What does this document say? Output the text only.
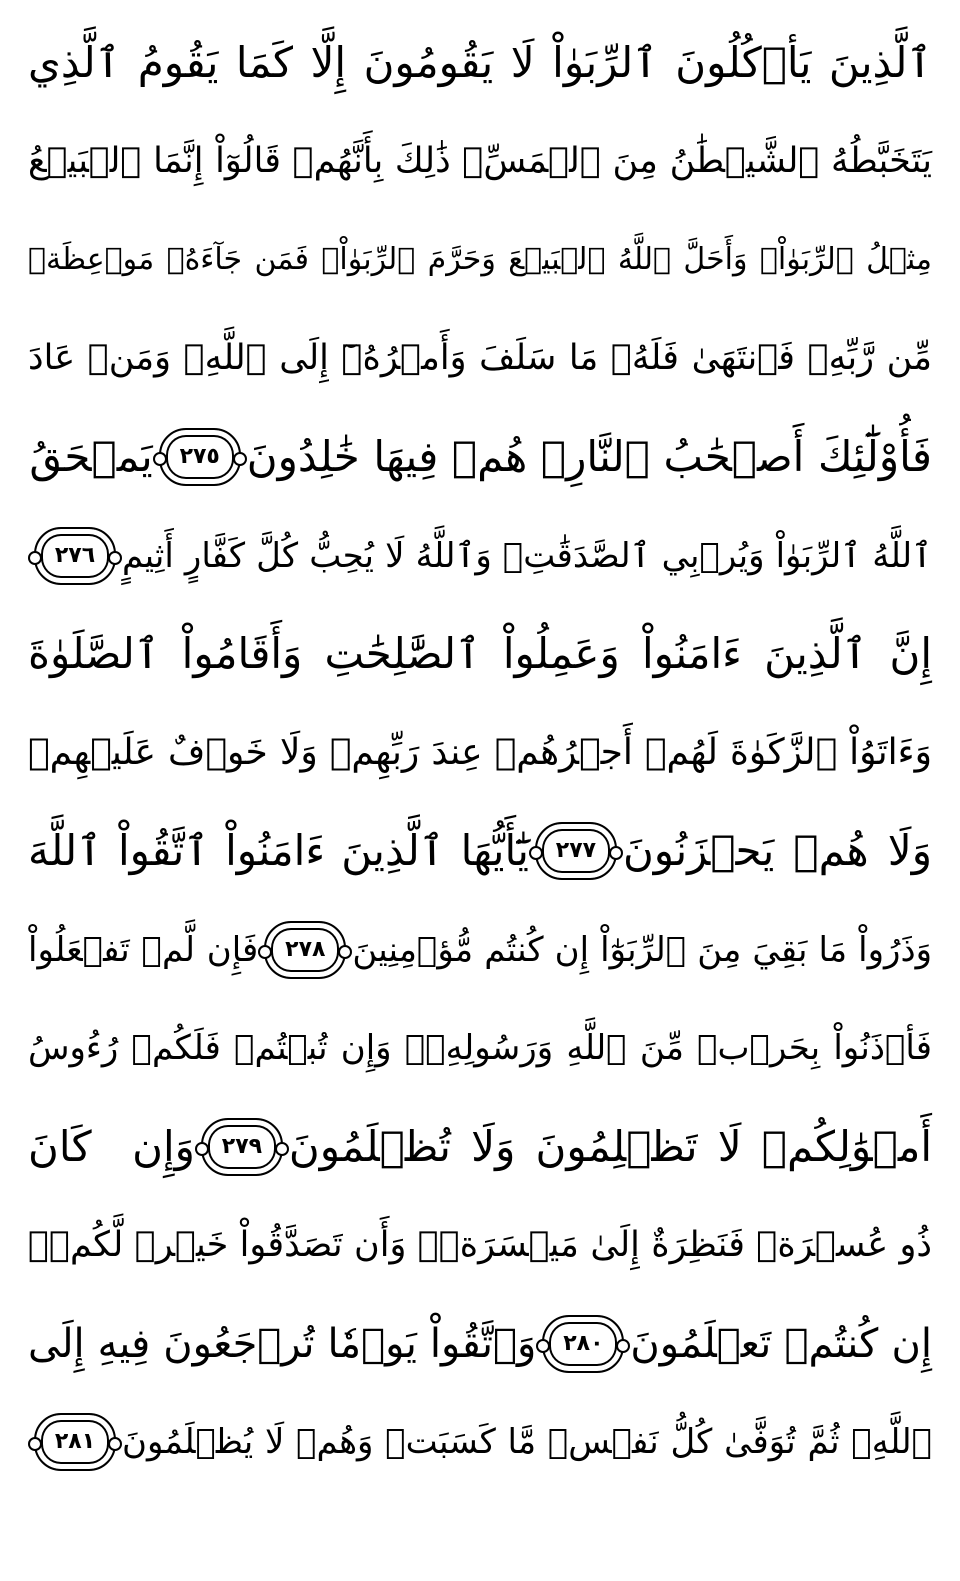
ٱلَّذِينَ يَأۡكُلُونَ ٱلرِّبَوٰاْ لَا يَقُومُونَ إِلَّا كَمَا يَقُومُ ٱلَّذِي
يَتَخَبَّطُهُ ٱلشَّيۡطَٰنُ مِنَ ٱلۡمَسِّۚ ذَٰلِكَ بِأَنَّهُمۡ قَالُوٓاْ إِنَّمَا ٱلۡبَيۡعُ
مِثۡلُ ٱلرِّبَوٰاْۗ وَأَحَلَّ ٱللَّهُ ٱلۡبَيۡعَ وَحَرَّمَ ٱلرِّبَوٰاْۚ فَمَن جَآءَهُۥ مَوۡعِظَةٞ
مِّن رَّبِّهِۦ فَٱنتَهَىٰ فَلَهُۥ مَا سَلَفَ وَأَمۡرُهُۥٓ إِلَى ٱللَّهِۖ وَمَنۡ عَادَ
فَأُوْلَٰٓئِكَ أَصۡحَٰبُ ٱلنَّارِۖ هُمۡ فِيهَا خَٰلِدُونَ
٢٧٥
يَمۡحَقُ
ٱللَّهُ ٱلرِّبَوٰاْ وَيُرۡبِي ٱلصَّدَقَٰتِۗ وَٱللَّهُ لَا يُحِبُّ كُلَّ كَفَّارٍ أَثِيمٍ
٢٧٦
إِنَّ ٱلَّذِينَ ءَامَنُواْ وَعَمِلُواْ ٱلصَّٰلِحَٰتِ وَأَقَامُواْ ٱلصَّلَوٰةَ
وَءَاتَوُاْ ٱلزَّكَوٰةَ لَهُمۡ أَجۡرُهُمۡ عِندَ رَبِّهِمۡ وَلَا خَوۡفٌ عَلَيۡهِمۡ
وَلَا هُمۡ يَحۡزَنُونَ
٢٧٧
يَٰٓأَيُّهَا ٱلَّذِينَ ءَامَنُواْ ٱتَّقُواْ ٱللَّهَ
وَذَرُواْ مَا بَقِيَ مِنَ ٱلرِّبَوٰٓاْ إِن كُنتُم مُّؤۡمِنِينَ
٢٧٨
فَإِن لَّمۡ تَفۡعَلُواْ
فَأۡذَنُواْ بِحَرۡبٖ مِّنَ ٱللَّهِ وَرَسُولِهِۦۖ وَإِن تُبۡتُمۡ فَلَكُمۡ رُءُوسُ
أَمۡوَٰلِكُمۡ لَا تَظۡلِمُونَ وَلَا تُظۡلَمُونَ
٢٧٩
وَإِن كَانَ
ذُو عُسۡرَةٖ فَنَظِرَةٌ إِلَىٰ مَيۡسَرَةٖۚ وَأَن تَصَدَّقُواْ خَيۡرٞ لَّكُمۡۖ
إِن كُنتُمۡ تَعۡلَمُونَ
٢٨٠
وَٱتَّقُواْ يَوۡمٗا تُرۡجَعُونَ فِيهِ إِلَى
ٱللَّهِۖ ثُمَّ تُوَفَّىٰ كُلُّ نَفۡسٖ مَّا كَسَبَتۡ وَهُمۡ لَا يُظۡلَمُونَ
٢٨١
